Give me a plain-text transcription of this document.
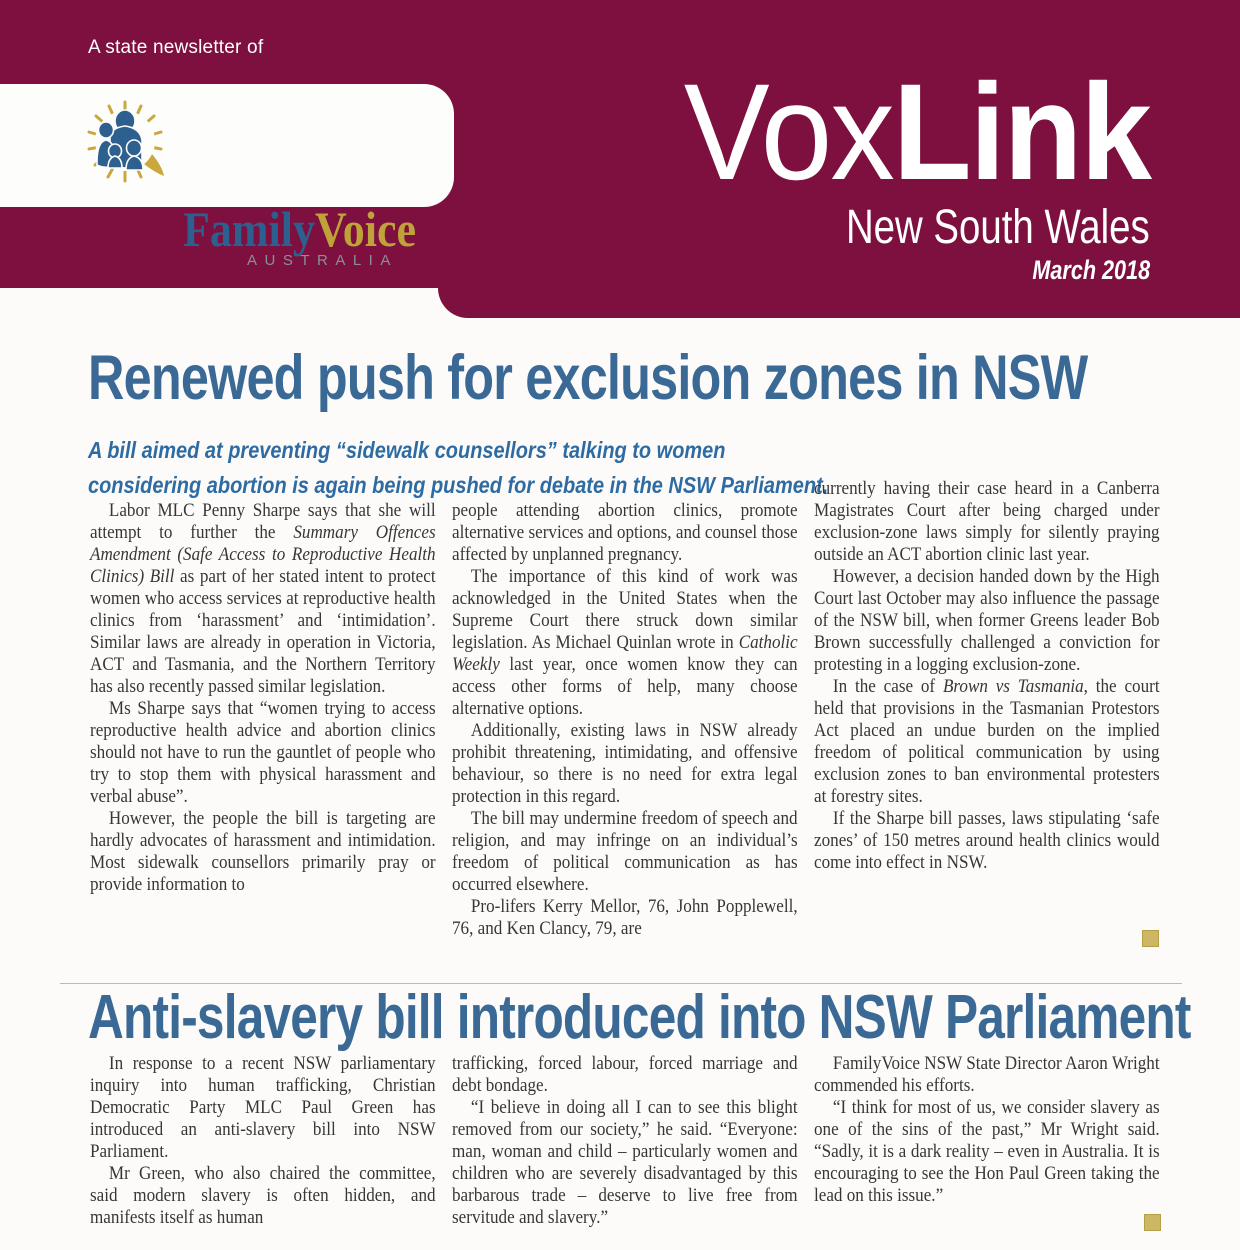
A state newsletter of
FamilyVoice
AUSTRALIA
VoxLink
New South Wales
March 2018
Renewed push for exclusion zones in NSW

A bill aimed at preventing “sidewalk counsellors” talking to women considering abortion is again being pushed for debate in the NSW Parliament.

Labor MLC Penny Sharpe says that she will attempt to further the Summary Offences Amendment (Safe Access to Reproductive Health Clinics) Bill as part of her stated intent to protect women who access services at reproductive health clinics from ‘harassment’ and ‘intimidation’. Similar laws are already in operation in Victoria, ACT and Tasmania, and the Northern Territory has also recently passed similar legislation.

Ms Sharpe says that “women trying to access reproductive health advice and abortion clinics should not have to run the gauntlet of people who try to stop them with physical harassment and verbal abuse”.

However, the people the bill is targeting are hardly advocates of harassment and intimidation. Most sidewalk counsellors primarily pray or provide information to

people attending abortion clinics, promote alternative services and options, and counsel those affected by unplanned pregnancy.

The importance of this kind of work was acknowledged in the United States when the Supreme Court there struck down similar legislation. As Michael Quinlan wrote in Catholic Weekly last year, once women know they can access other forms of help, many choose alternative options.

Additionally, existing laws in NSW already prohibit threatening, intimidating, and offensive behaviour, so there is no need for extra legal protection in this regard.

The bill may undermine freedom of speech and religion, and may infringe on an individual’s freedom of political communication as has occurred elsewhere.

Pro-lifers Kerry Mellor, 76, John Popplewell, 76, and Ken Clancy, 79, are

currently having their case heard in a Canberra Magistrates Court after being charged under exclusion-zone laws simply for silently praying outside an ACT abortion clinic last year.

However, a decision handed down by the High Court last October may also influence the passage of the NSW bill, when former Greens leader Bob Brown successfully challenged a conviction for protesting in a logging exclusion-zone.

In the case of Brown vs Tasmania, the court held that provisions in the Tasmanian Protestors Act placed an undue burden on the implied freedom of political communication by using exclusion zones to ban environmental protesters at forestry sites.

If the Sharpe bill passes, laws stipulating ‘safe zones’ of 150 metres around health clinics would come into effect in NSW.

Anti-slavery bill introduced into NSW Parliament

In response to a recent NSW parliamentary inquiry into human trafficking, Christian Democratic Party MLC Paul Green has introduced an anti-slavery bill into NSW Parliament.

Mr Green, who also chaired the committee, said modern slavery is often hidden, and manifests itself as human

trafficking, forced labour, forced marriage and debt bondage.

“I believe in doing all I can to see this blight removed from our society,” he said. “Everyone: man, woman and child – particularly women and children who are severely disadvantaged by this barbarous trade – deserve to live free from servitude and slavery.”

FamilyVoice NSW State Director Aaron Wright commended his efforts.

“I think for most of us, we consider slavery as one of the sins of the past,” Mr Wright said. “Sadly, it is a dark reality – even in Australia. It is encouraging to see the Hon Paul Green taking the lead on this issue.”
